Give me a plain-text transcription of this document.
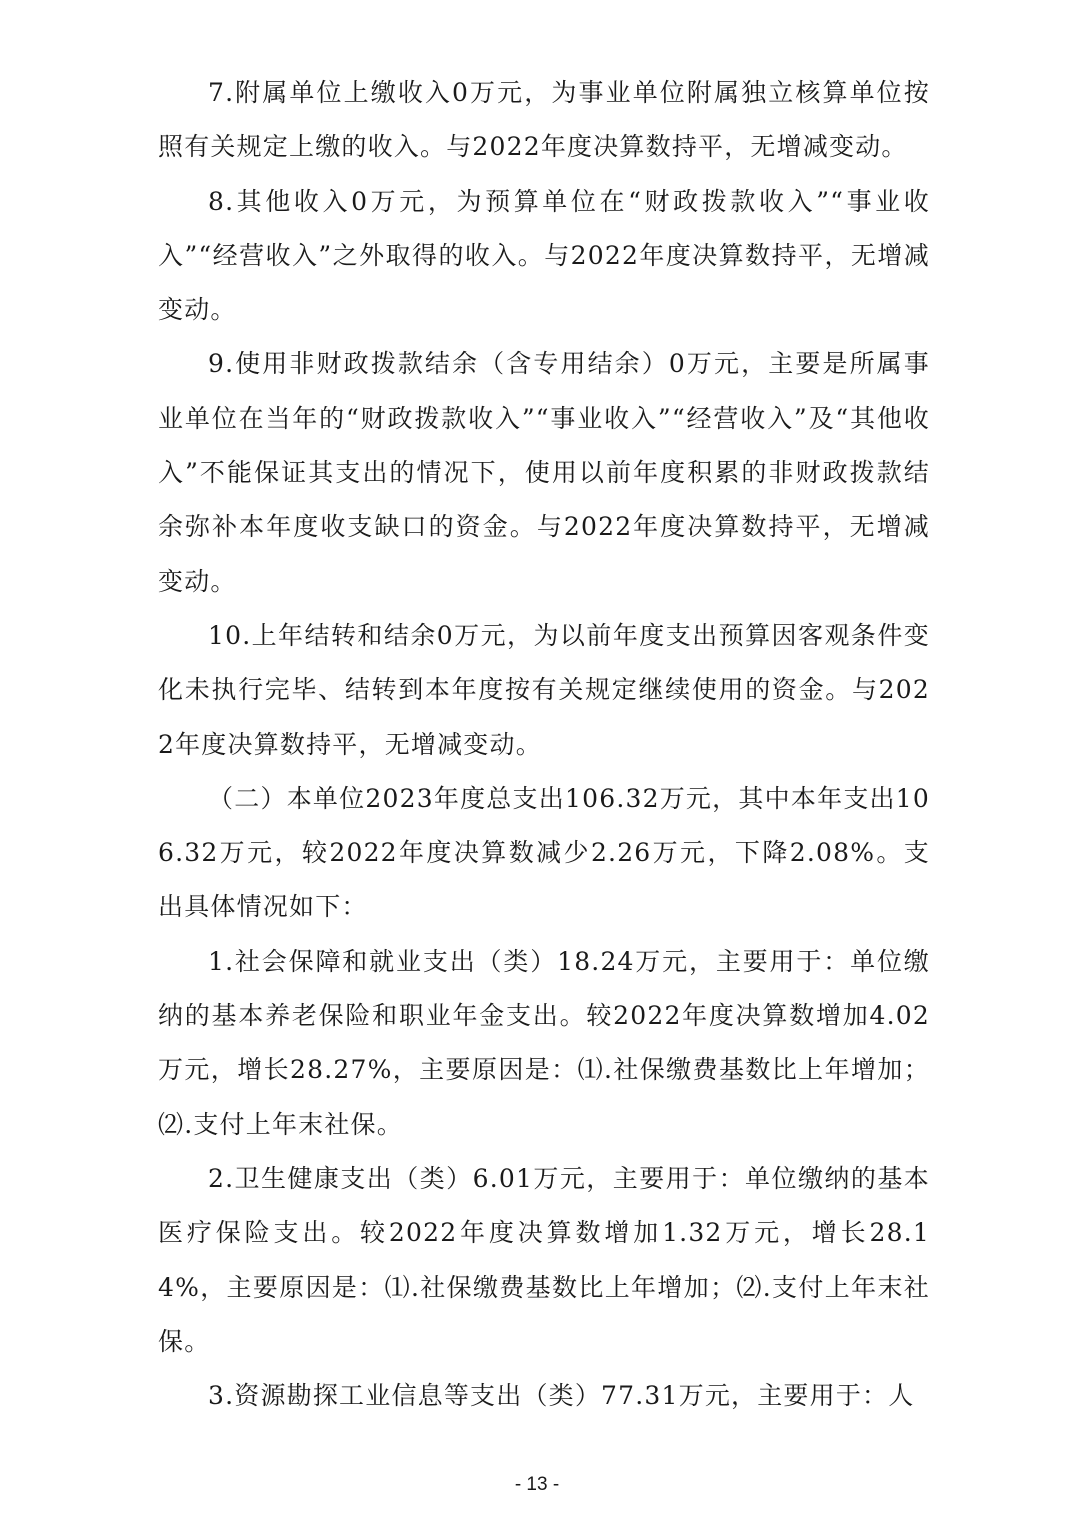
7.附属单位上缴收入0万元，为事业单位附属独立核算单位按照有关规定上缴的收入。与2022年度决算数持平，无增减变动。

8.其他收入0万元，为预算单位在“财政拨款收入”“事业收入”“经营收入”之外取得的收入。与2022年度决算数持平，无增减变动。

9.使用非财政拨款结余（含专用结余）0万元，主要是所属事业单位在当年的“财政拨款收入”“事业收入”“经营收入”及“其他收入”不能保证其支出的情况下，使用以前年度积累的非财政拨款结余弥补本年度收支缺口的资金。与2022年度决算数持平，无增减变动。

10.上年结转和结余0万元，为以前年度支出预算因客观条件变化未执行完毕、结转到本年度按有关规定继续使用的资金。与2022年度决算数持平，无增减变动。

（二）本单位2023年度总支出106.32万元，其中本年支出106.32万元，较2022年度决算数减少2.26万元，下降2.08%。支出具体情况如下：

1.社会保障和就业支出（类）18.24万元，主要用于：单位缴纳的基本养老保险和职业年金支出。较2022年度决算数增加4.02万元，增长28.27%，主要原因是：⑴.社保缴费基数比上年增加；⑵.支付上年末社保。

2.卫生健康支出（类）6.01万元，主要用于：单位缴纳的基本医疗保险支出。较2022年度决算数增加1.32万元，增长28.14%，主要原因是：⑴.社保缴费基数比上年增加；⑵.支付上年末社保。

3.资源勘探工业信息等支出（类）77.31万元，主要用于：人

- 13 -
